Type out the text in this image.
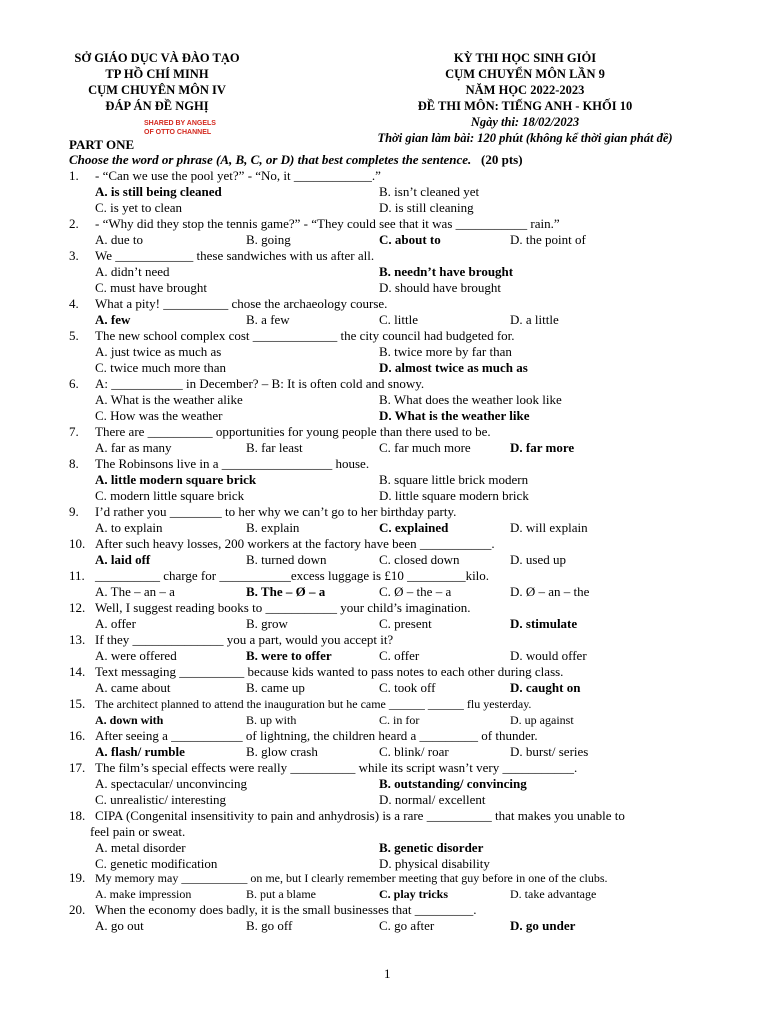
SỞ GIÁO DỤC VÀ ĐÀO TẠO
TP HỒ CHÍ MINH
CỤM CHUYÊN MÔN IV
ĐÁP ÁN ĐỀ NGHỊ
SHARED BY ANGELS
OF OTTO CHANNEL
KỲ THI HỌC SINH GIỎI
CỤM CHUYỂN MÔN LẦN 9
NĂM HỌC 2022-2023
ĐỀ THI MÔN: TIẾNG ANH - KHỐI 10
Ngày thi: 18/02/2023
Thời gian làm bài: 120 phút (không kể thời gian phát đề)
PART ONE
Choose the word or phrase (A, B, C, or D) that best completes the sentence. (20 pts)
1.	- “Can we use the pool yet?” - “No, it ____________.”
A. is still being cleaned	B. isn’t cleaned yet
C. is yet to clean	D. is still cleaning
2.	- “Why did they stop the tennis game?” - “They could see that it was ___________ rain.”
A. due to	B. going	C. about to	D. the point of
3.	We ____________ these sandwiches with us after all.
A. didn’t need	B. needn’t have brought
C. must have brought	D. should have brought
4.	What a pity! __________ chose the archaeology course.
A. few	B. a few	C. little	D. a little
5.	The new school complex cost _____________ the city council had budgeted for.
A. just twice as much as	B. twice more by far than
C. twice much more than	D. almost twice as much as
6.	A: ___________ in December? – B: It is often cold and snowy.
A. What is the weather alike	B. What does the weather look like
C. How was the weather	D. What is the weather like
7.	There are __________ opportunities for young people than there used to be.
A. far as many	B. far least	C. far much more	D. far more
8.	The Robinsons live in a _________________ house.
A. little modern square brick	B. square little brick modern
C. modern little square brick	D. little square modern brick
9.	I’d rather you ________ to her why we can’t go to her birthday party.
A. to explain	B. explain	C. explained	D. will explain
10. After such heavy losses, 200 workers at the factory have been ___________.
A. laid off	B. turned down	C. closed down	D. used up
11. __________ charge for ___________excess luggage is £10 _________kilo.
A. The – an – a	B. The – Ø – a	C. Ø – the – a	D. Ø – an – the
12. Well, I suggest reading books to ___________ your child’s imagination.
A. offer	B. grow	C. present	D. stimulate
13. If they ______________ you a part, would you accept it?
A. were offered	B. were to offer	C. offer	D. would offer
14. Text messaging __________ because kids wanted to pass notes to each other during class.
A. came about	B. came up	C. took off	D. caught on
15. The architect planned to attend the inauguration but he came ______ ______ flu yesterday.
A. down with	B. up with	C. in for	D. up against
16. After seeing a ___________ of lightning, the children heard a _________ of thunder.
A. flash/ rumble	B. glow crash	C. blink/ roar	D. burst/ series
17. The film’s special effects were really __________ while its script wasn’t very ___________.
A. spectacular/ unconvincing	B. outstanding/ convincing
C. unrealistic/ interesting	D. normal/ excellent
18. CIPA (Congenital insensitivity to pain and anhydrosis) is a rare __________ that makes you unable to
feel pain or sweat.
A. metal disorder	B. genetic disorder
C. genetic modification	D. physical disability
19. My memory may ___________ on me, but I clearly remember meeting that guy before in one of the clubs.
A. make impression	B. put a blame	C. play tricks	D. take advantage
20. When the economy does badly, it is the small businesses that _________.
A. go out	B. go off	C. go after	D. go under
1
